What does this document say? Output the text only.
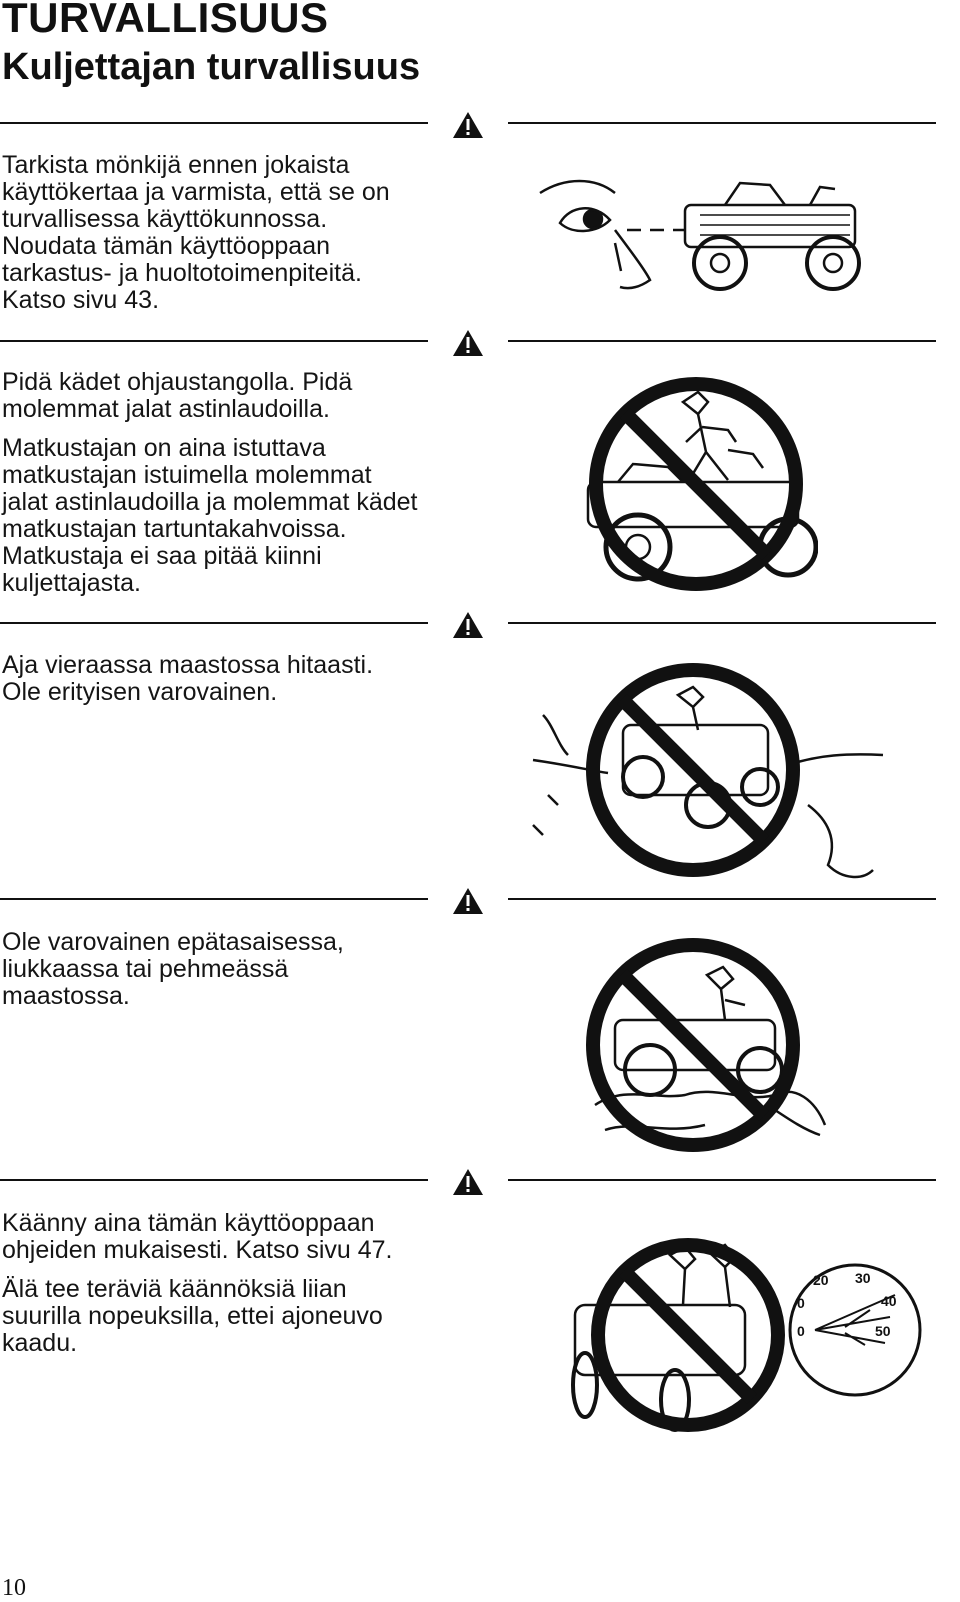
TURVALLISUUS
Kuljettajan turvallisuus

Tarkista mönkijä ennen jokaista
käyttökertaa ja varmista, että se on
turvallisessa käyttökunnossa.
Noudata tämän käyttöoppaan
tarkastus- ja huoltotoimenpiteitä.
Katso sivu 43.

Pidä kädet ohjaustangolla. Pidä
molemmat jalat astinlaudoilla.

Matkustajan on aina istuttava
matkustajan istuimella molemmat
jalat astinlaudoilla ja molemmat kädet
matkustajan tartuntakahvoissa.
Matkustaja ei saa pitää kiinni
kuljettajasta.

Aja vieraassa maastossa hitaasti.
Ole erityisen varovainen.

Ole varovainen epätasaisessa,
liukkaassa tai pehmeässä
maastossa.

Käänny aina tämän käyttöoppaan
ohjeiden mukaisesti. Katso sivu 47.

Älä tee teräviä käännöksiä liian
suurilla nopeuksilla, ettei ajoneuvo
kaadu.

20 30
40
50
0
0
10
